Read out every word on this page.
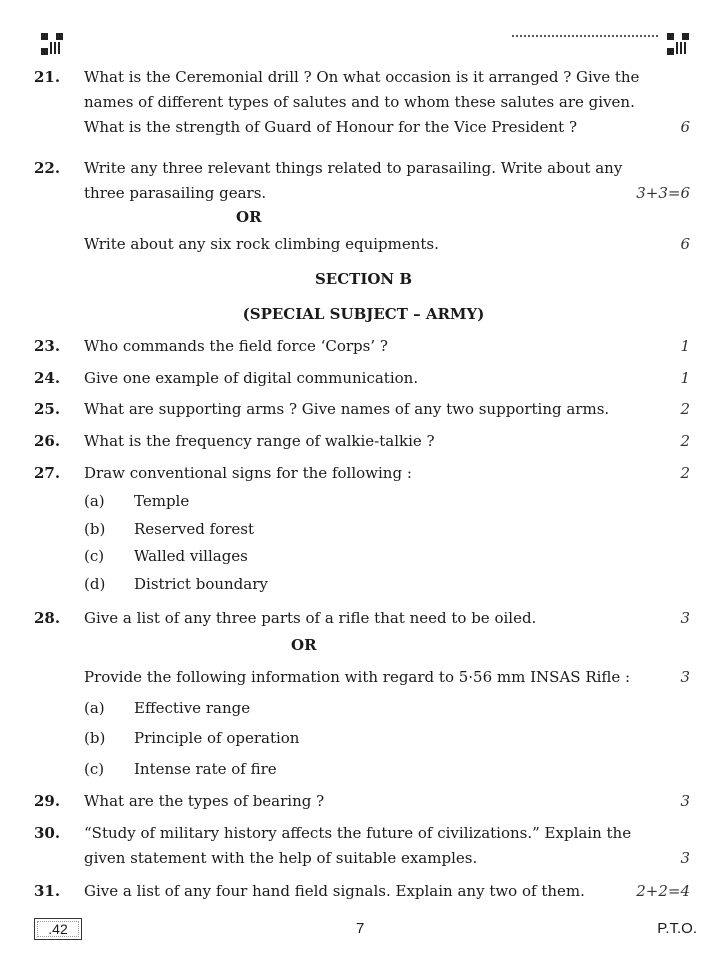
21. What is the Ceremonial drill ? On what occasion is it arranged ? Give the
names of different types of salutes and to whom these salutes are given.
What is the strength of Guard of Honour for the Vice President ?	6
22. Write any three relevant things related to parasailing. Write about any
three parasailing gears.	3+3=6
OR
Write about any six rock climbing equipments.	6
SECTION B
(SPECIAL SUBJECT – ARMY)
23. Who commands the field force ‘Corps’ ?	1
24. Give one example of digital communication.	1
25. What are supporting arms ? Give names of any two supporting arms.	2
26. What is the frequency range of walkie-talkie ?	2
27. Draw conventional signs for the following :	2
(a) Temple
(b) Reserved forest
(c) Walled villages
(d) District boundary
28. Give a list of any three parts of a rifle that need to be oiled.	3
OR
Provide the following information with regard to 5·56 mm INSAS Rifle :	3
(a) Effective range
(b) Principle of operation
(c) Intense rate of fire
29. What are the types of bearing ?	3
30. “Study of military history affects the future of civilizations.” Explain the
given statement with the help of suitable examples.	3
31. Give a list of any four hand field signals. Explain any two of them.	2+2=4
.42	7	P.T.O.
